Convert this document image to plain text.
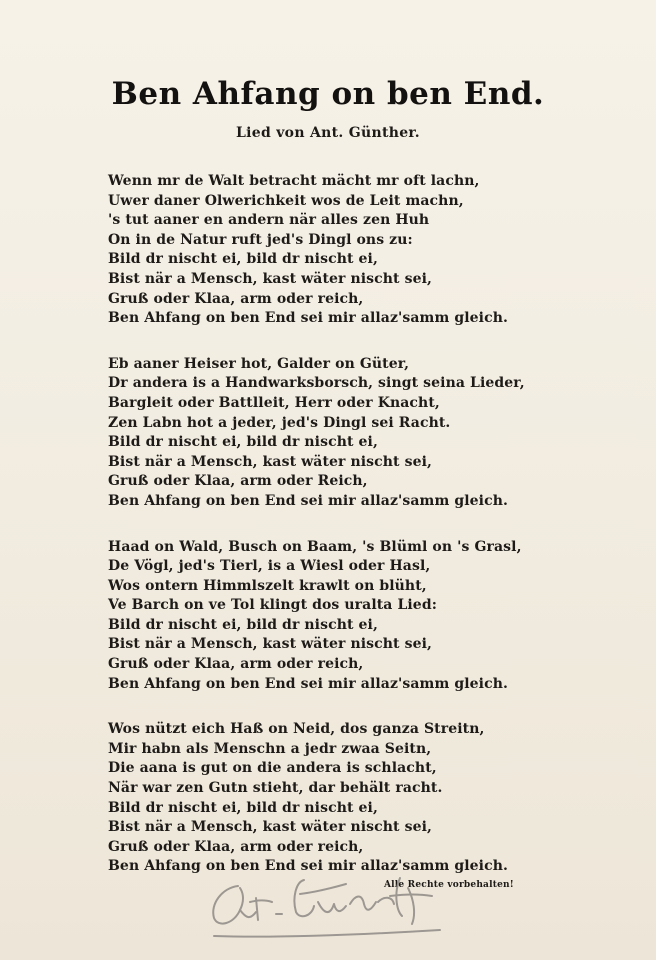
Ben Ahfang on ben End.
Lied von Ant. Günther.
Wenn mr de Walt betracht mächt mr oft lachn,
Uwer daner Olwerichkeit wos de Leit machn,
's tut aaner en andern när alles zen Huh
On in de Natur ruft jed's Dingl ons zu:
Bild dr nischt ei, bild dr nischt ei,
Bist när a Mensch, kast wäter nischt sei,
Gruß oder Klaa, arm oder reich,
Ben Ahfang on ben End sei mir allaz'samm gleich.
Eb aaner Heiser hot, Galder on Güter,
Dr andera is a Handwarksborsch, singt seina Lieder,
Bargleit oder Battlleit, Herr oder Knacht,
Zen Labn hot a jeder, jed's Dingl sei Racht.
Bild dr nischt ei, bild dr nischt ei,
Bist när a Mensch, kast wäter nischt sei,
Gruß oder Klaa, arm oder Reich,
Ben Ahfang on ben End sei mir allaz'samm gleich.
Haad on Wald, Busch on Baam, 's Blüml on 's Grasl,
De Vögl, jed's Tierl, is a Wiesl oder Hasl,
Wos ontern Himmlszelt krawlt on blüht,
Ve Barch on ve Tol klingt dos uralta Lied:
Bild dr nischt ei, bild dr nischt ei,
Bist när a Mensch, kast wäter nischt sei,
Gruß oder Klaa, arm oder reich,
Ben Ahfang on ben End sei mir allaz'samm gleich.
Wos nützt eich Haß on Neid, dos ganza Streitn,
Mir habn als Menschn a jedr zwaa Seitn,
Die aana is gut on die andera is schlacht,
När war zen Gutn stieht, dar behält racht.
Bild dr nischt ei, bild dr nischt ei,
Bist när a Mensch, kast wäter nischt sei,
Gruß oder Klaa, arm oder reich,
Ben Ahfang on ben End sei mir allaz'samm gleich.
Alle Rechte vorbehalten!
